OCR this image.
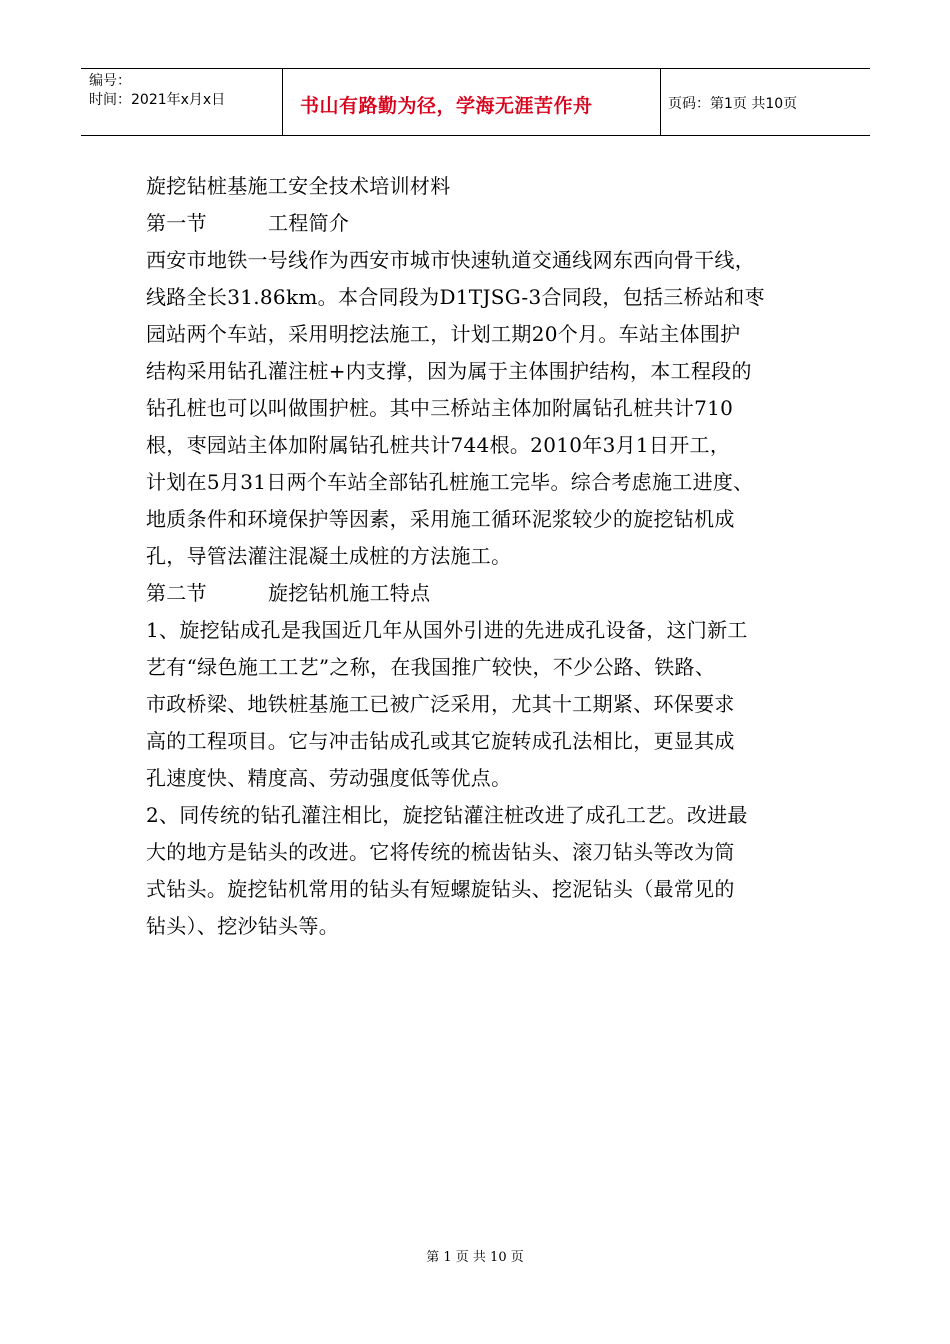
编号：
时间：2021年x月x日	书山有路勤为径，学海无涯苦作舟	页码：第1页 共10页
旋挖钻桩基施工安全技术培训材料
第一节	工程简介
西安市地铁一号线作为西安市城市快速轨道交通线网东西向骨干线，
线路全长31.86km。本合同段为D1TJSG-3合同段，包括三桥站和枣
园站两个车站，采用明挖法施工，计划工期20个月。车站主体围护
结构采用钻孔灌注桩+内支撑，因为属于主体围护结构，本工程段的
钻孔桩也可以叫做围护桩。其中三桥站主体加附属钻孔桩共计710
根，枣园站主体加附属钻孔桩共计744根。2010年3月1日开工，
计划在5月31日两个车站全部钻孔桩施工完毕。综合考虑施工进度、
地质条件和环境保护等因素，采用施工循环泥浆较少的旋挖钻机成
孔，导管法灌注混凝土成桩的方法施工。
第二节	旋挖钻机施工特点
1、旋挖钻成孔是我国近几年从国外引进的先进成孔设备，这门新工
艺有“绿色施工工艺”之称，在我国推广较快，不少公路、铁路、
市政桥梁、地铁桩基施工已被广泛采用，尤其十工期紧、环保要求
高的工程项目。它与冲击钻成孔或其它旋转成孔法相比，更显其成
孔速度快、精度高、劳动强度低等优点。
2、同传统的钻孔灌注相比，旋挖钻灌注桩改进了成孔工艺。改进最
大的地方是钻头的改进。它将传统的梳齿钻头、滚刀钻头等改为筒
式钻头。旋挖钻机常用的钻头有短螺旋钻头、挖泥钻头（最常见的
钻头）、挖沙钻头等。
第 1 页 共 10 页
